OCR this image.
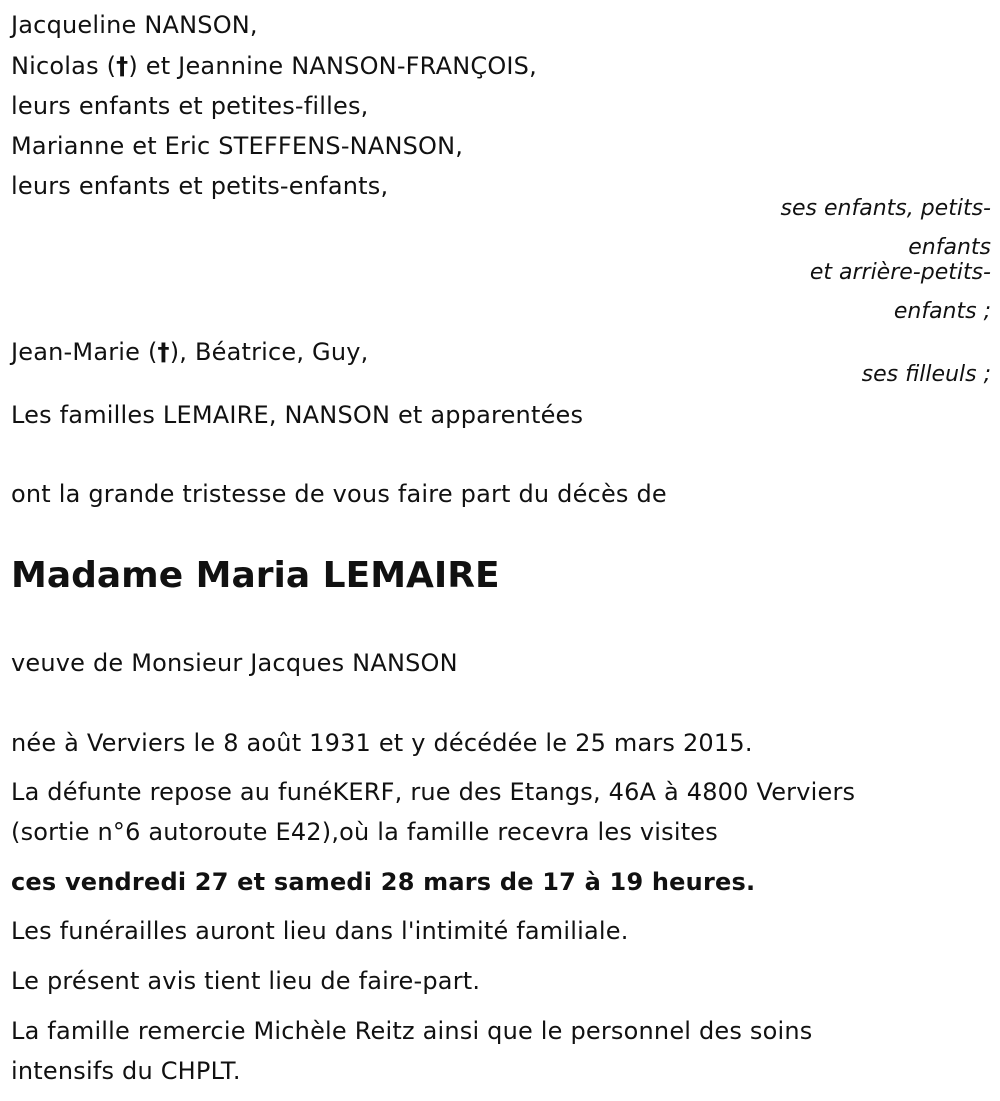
Jacqueline NANSON,
Nicolas (†) et Jeannine NANSON-FRANÇOIS,
leurs enfants et petites-filles,
Marianne et Eric STEFFENS-NANSON,
leurs enfants et petits-enfants,
ses enfants, petits-
enfants
et arrière-petits-
enfants ;
Jean-Marie (†), Béatrice, Guy,
ses filleuls ;
Les familles LEMAIRE, NANSON et apparentées
ont la grande tristesse de vous faire part du décès de
Madame Maria LEMAIRE
veuve de Monsieur Jacques NANSON
née à Verviers le 8 août 1931 et y décédée le 25 mars 2015.
La défunte repose au funéKERF, rue des Etangs, 46A à 4800 Verviers
(sortie n°6 autoroute E42),où la famille recevra les visites
ces vendredi 27 et samedi 28 mars de 17 à 19 heures.
Les funérailles auront lieu dans l'intimité familiale.
Le présent avis tient lieu de faire-part.
La famille remercie Michèle Reitz ainsi que le personnel des soins
intensifs du CHPLT.
